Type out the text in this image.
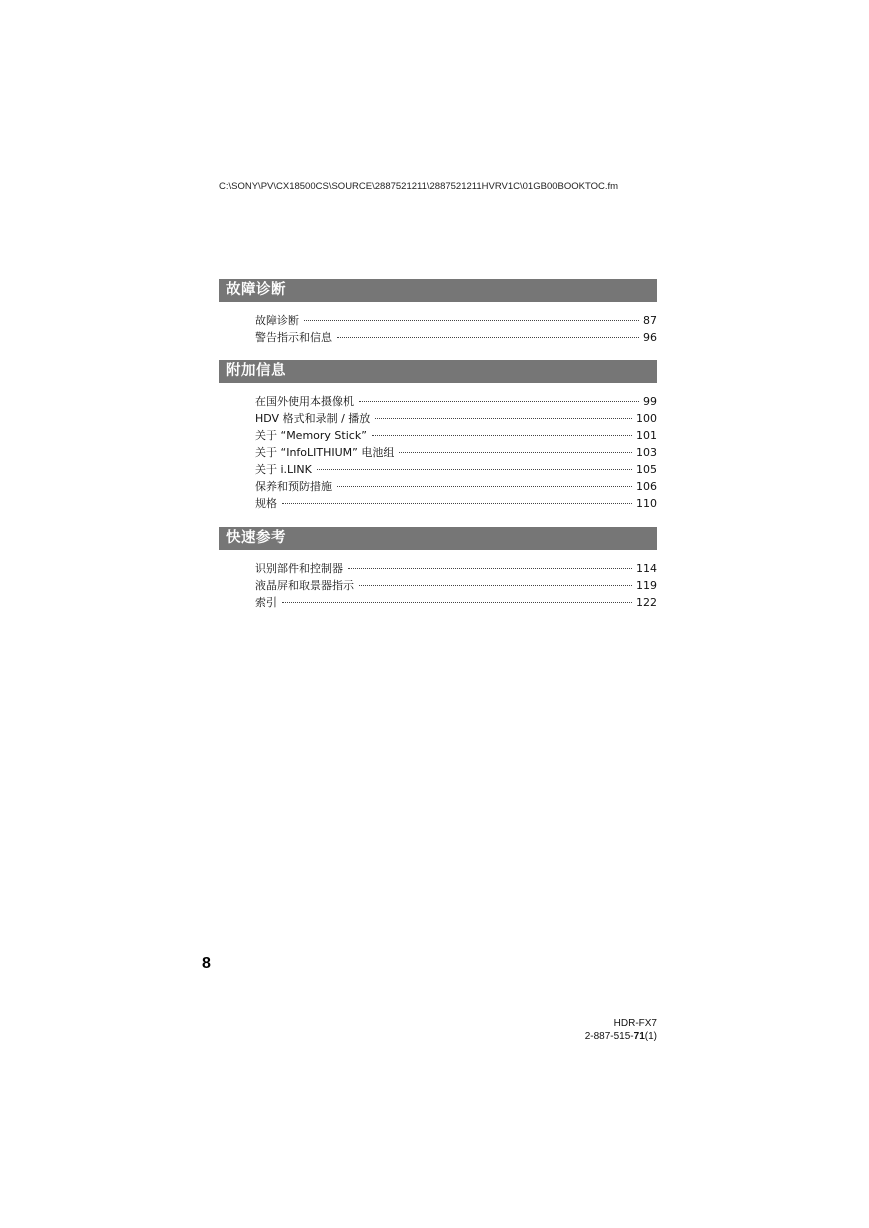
C:\SONY\PV\CX18500CS\SOURCE\2887521211\2887521211HVRV1C\01GB00BOOKTOC.fm
故障诊断
故障诊断	87
警告指示和信息	96
附加信息
在国外使用本摄像机	99
HDV 格式和录制 / 播放	100
关于 “Memory Stick”	101
关于 “InfoLITHIUM” 电池组	103
关于 i.LINK	105
保养和预防措施	106
规格	110
快速参考
识别部件和控制器	114
液晶屏和取景器指示	119
索引	122
8
HDR-FX7
2-887-515-71(1)
